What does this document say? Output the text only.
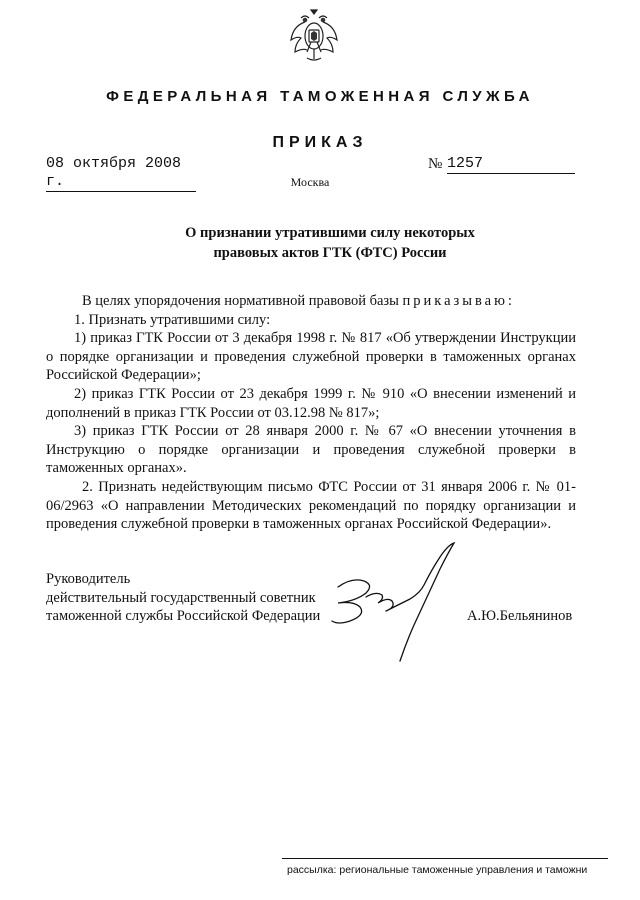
ФЕДЕРАЛЬНАЯ ТАМОЖЕННАЯ СЛУЖБА
ПРИКАЗ
08 октября 2008 г.
№ 1257
Москва
О признании утратившими силу некоторых
правовых актов ГТК (ФТС) России

В целях упорядочения нормативной правовой базы приказываю:

1. Признать утратившими силу:

1) приказ ГТК России от 3 декабря 1998 г. № 817 «Об утверждении Инструкции о порядке организации и проведения служебной проверки в таможенных органах Российской Федерации»;

2) приказ ГТК России от 23 декабря 1999 г. № 910 «О внесении изменений и дополнений в приказ ГТК России от 03.12.98 № 817»;

3) приказ ГТК России от 28 января 2000 г. № 67 «О внесении уточнения в Инструкцию о порядке организации и проведения служебной проверки в таможенных органах».

2. Признать недействующим письмо ФТС России от 31 января 2006 г. № 01-06/2963 «О направлении Методических рекомендаций по порядку организации и проведения служебной проверки в таможенных органах Российской Федерации».

Руководитель
действительный государственный советник
таможенной службы Российской Федерации	А.Ю.Бельянинов
рассылка: региональные таможенные управления и таможни
